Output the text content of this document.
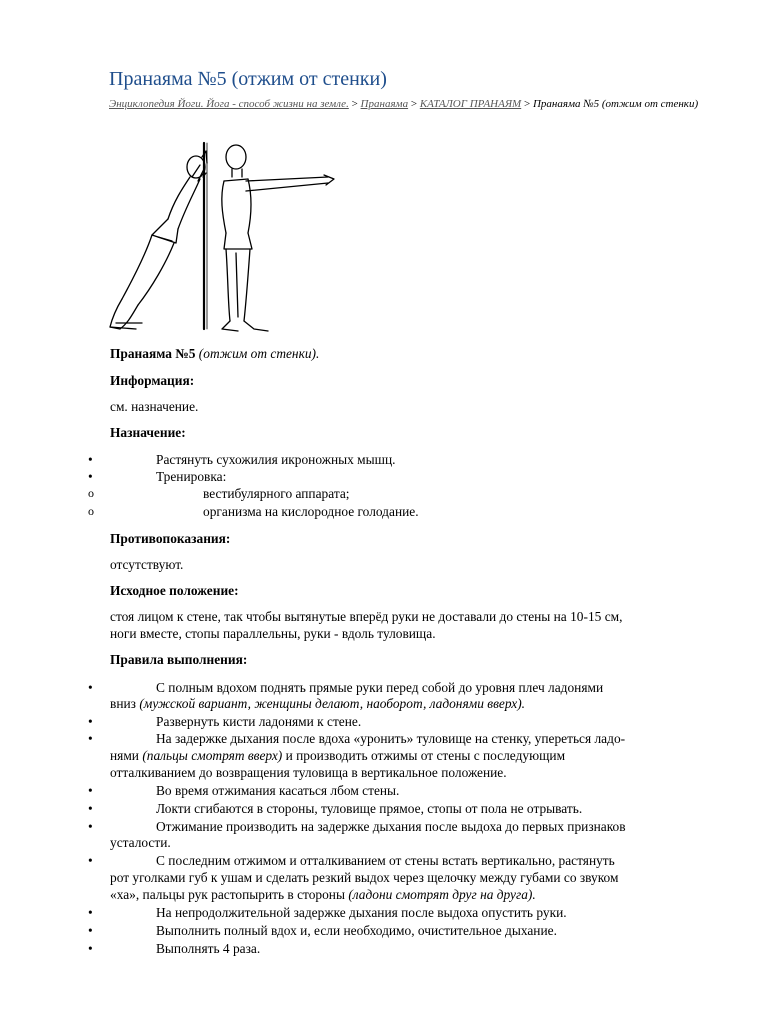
Пранаяма №5 (отжим от стенки)
Энциклопедия Йоги. Йога - способ жизни на земле. > Пранаяма > КАТАЛОГ ПРАНАЯМ > Пранаяма №5 (отжим от стенки)
Пранаяма №5 (отжим от стенки).
Информация:
см. назначение.
Назначение:
•	Растянуть сухожилия икроножных мышц.
•	Тренировка:
o	вестибулярного аппарата;
o	организма на кислородное голодание.
Противопоказания:
отсутствуют.
Исходное положение:
стоя лицом к стене, так чтобы вытянутые вперёд руки не доставали до стены на 10-15 см,
ноги вместе, стопы параллельны, руки - вдоль туловища.
Правила выполнения:
•	С полным вдохом поднять прямые руки перед собой до уровня плеч ладонями
вниз (мужской вариант, женщины делают, наоборот, ладонями вверх).
•	Развернуть кисти ладонями к стене.
•	На задержке дыхания после вдоха «уронить» туловище на стенку, упереться ладо-
нями (пальцы смотрят вверх) и производить отжимы от стены с последующим
отталкиванием до возвращения туловища в вертикальное положение.
•	Во время отжимания касаться лбом стены.
•	Локти сгибаются в стороны, туловище прямое, стопы от пола не отрывать.
•	Отжимание производить на задержке дыхания после выдоха до первых признаков
усталости.
•	С последним отжимом и отталкиванием от стены встать вертикально, растянуть
рот уголками губ к ушам и сделать резкий выдох через щелочку между губами со звуком
«ха», пальцы рук растопырить в стороны (ладони смотрят друг на друга).
•	На непродолжительной задержке дыхания после выдоха опустить руки.
•	Выполнить полный вдох и, если необходимо, очистительное дыхание.
•	Выполнять 4 раза.
